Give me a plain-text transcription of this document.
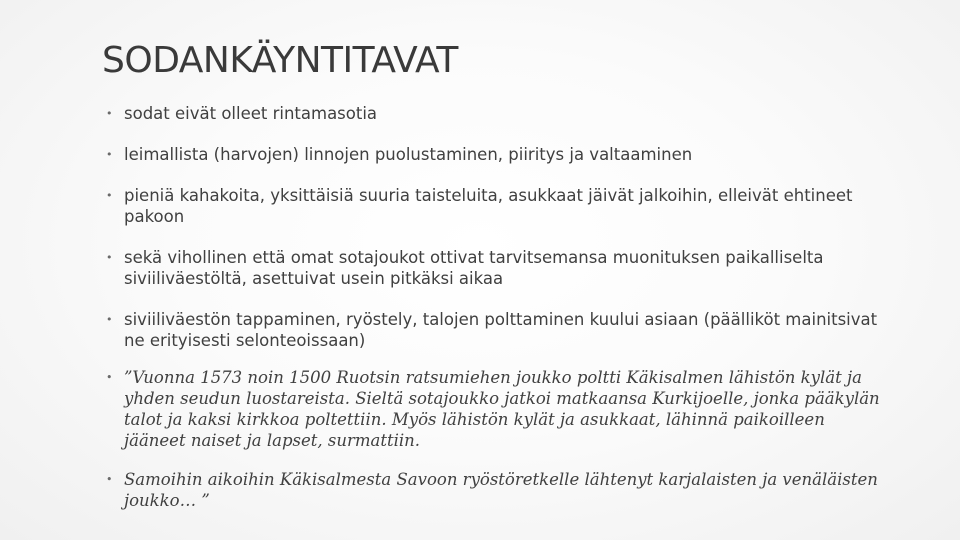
SODANKÄYNTITAVAT
• sodat eivät olleet rintamasotia
• leimallista (harvojen) linnojen puolustaminen, piiritys ja valtaaminen
• pieniä kahakoita, yksittäisiä suuria taisteluita, asukkaat jäivät jalkoihin, elleivät ehtineet pakoon
• sekä vihollinen että omat sotajoukot ottivat tarvitsemansa muonituksen paikalliselta siviiliväestöltä, asettuivat usein pitkäksi aikaa
• siviiliväestön tappaminen, ryöstely, talojen polttaminen kuului asiaan (päälliköt mainitsivat ne erityisesti selonteoissaan)
• ”Vuonna 1573 noin 1500 Ruotsin ratsumiehen joukko poltti Käkisalmen lähistön kylät ja yhden seudun luostareista. Sieltä sotajoukko jatkoi matkaansa Kurkijoelle, jonka pääkylän talot ja kaksi kirkkoa poltettiin. Myös lähistön kylät ja asukkaat, lähinnä paikoilleen jääneet naiset ja lapset, surmattiin.
• Samoihin aikoihin Käkisalmesta Savoon ryöstöretkelle lähtenyt karjalaisten ja venäläisten joukko… ”
